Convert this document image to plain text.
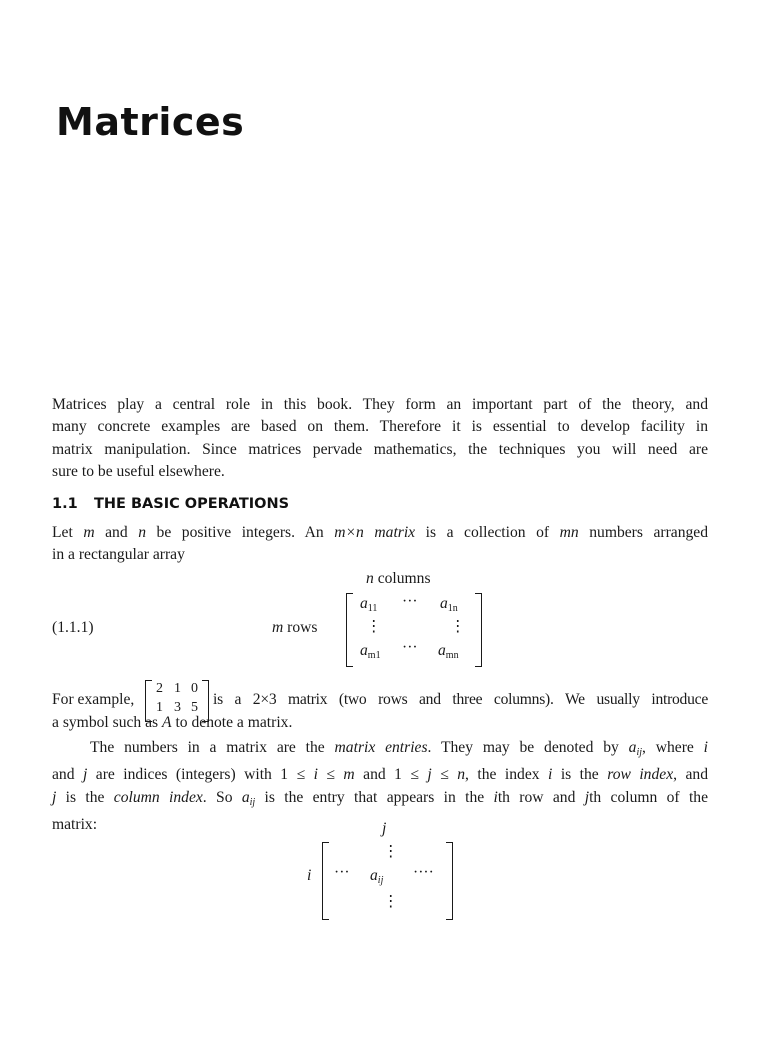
Matrices

Matrices play a central role in this book. They form an important part of the theory, and
many concrete examples are based on them. Therefore it is essential to develop facility in
matrix manipulation. Since matrices pervade mathematics, the techniques you will need are
sure to be useful elsewhere.

1.1 THE BASIC OPERATIONS

Let m and n be positive integers. An m×n matrix is a collection of mn numbers arranged
in a rectangular array

n columns
(1.1.1)	m rows
$a_{11}$ ··· $a_{1n}$
⋮	⋮
$a_{m1}$ ··· $a_{mn}$
For example,
2 1 0
1 3 5 is a 2×3 matrix (two rows and three columns). We usually introduce
a symbol such as A to denote a matrix.

The numbers in a matrix are the matrix entries. They may be denoted by $a_{ij}$, where i
and j are indices (integers) with 1 ≤ i ≤ m and 1 ≤ j ≤ n, the index i is the row index, and
j is the column index. So $a_{ij}$ is the entry that appears in the ith row and jth column of the
matrix:	j
i
⋮
··· $a_{ij}$ ····
⋮
